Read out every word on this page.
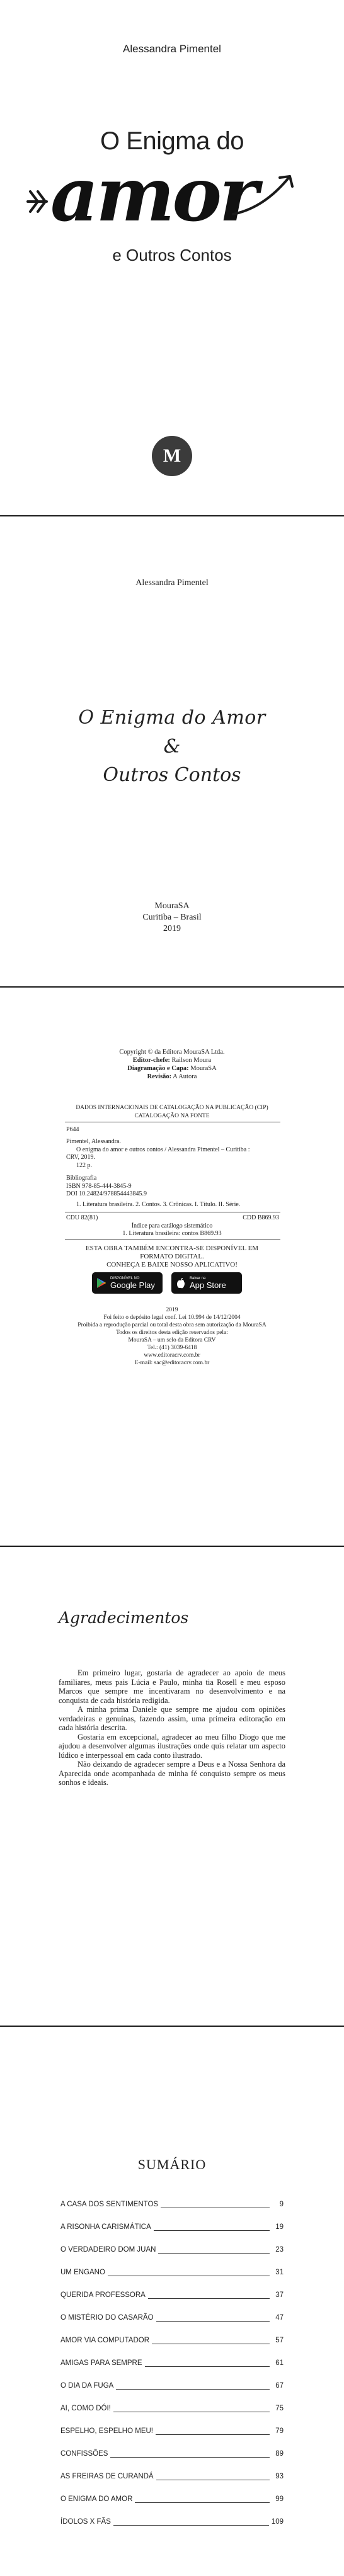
Alessandra Pimentel
O Enigma do
amor
e Outros Contos
M
Alessandra Pimentel
O Enigma do Amor
&
Outros Contos
MouraSA
Curitiba – Brasil
2019
Copyright © da Editora MouraSA Ltda.
Editor-chefe: Railson Moura
Diagramação e Capa: MouraSA
Revisão: A Autora
DADOS INTERNACIONAIS DE CATALOGAÇÃO NA PUBLICAÇÃO (CIP)
CATALOGAÇÃO NA FONTE
P644
Pimentel, Alessandra.
O enigma do amor e outros contos / Alessandra Pimentel – Curitiba :
CRV, 2019.
122 p.
Bibliografia
ISBN 978-85-444-3845-9
DOI 10.24824/978854443845.9
1. Literatura brasileira. 2. Contos. 3. Crônicas. I. Título. II. Série.
CDU 82(81)	CDD B869.93
Índice para catálogo sistemático
1. Literatura brasileira: contos B869.93
ESTA OBRA TAMBÉM ENCONTRA-SE DISPONÍVEL EM
FORMATO DIGITAL.
CONHEÇA E BAIXE NOSSO APLICATIVO!
DISPONÍVEL NO
Google Play
Baixar na
App Store
2019
Foi feito o depósito legal conf. Lei 10.994 de 14/12/2004
Proibida a reprodução parcial ou total desta obra sem autorização da MouraSA
Todos os direitos desta edição reservados pela:
MouraSA – um selo da Editora CRV
Tel.: (41) 3039-6418
www.editoracrv.com.br
E-mail: sac@editoracrv.com.br
Agradecimentos

Em primeiro lugar, gostaria de agradecer ao apoio de meus familiares, meus pais Lúcia e Paulo, minha tia Rosell e meu esposo Marcos que sempre me incentivaram no desenvolvimento e na conquista de cada história redigida.

A minha prima Daniele que sempre me ajudou com opiniões verdadeiras e genuínas, fazendo assim, uma primeira editoração em cada história descrita.

Gostaria em excepcional, agradecer ao meu filho Diogo que me ajudou a desenvolver algumas ilustrações onde quis relatar um aspecto lúdico e interpessoal em cada conto ilustrado.

Não deixando de agradecer sempre a Deus e a Nossa Senhora da Aparecida onde acompanhada de minha fé conquisto sempre os meus sonhos e ideais.

SUMÁRIO
A CASA DOS SENTIMENTOS	9
A RISONHA CARISMÁTICA	19
O VERDADEIRO DOM JUAN	23
UM ENGANO	31
QUERIDA PROFESSORA	37
O MISTÉRIO DO CASARÃO	47
AMOR VIA COMPUTADOR	57
AMIGAS PARA SEMPRE	61
O DIA DA FUGA	67
AI, COMO DÓI!	75
ESPELHO, ESPELHO MEU!	79
CONFISSÕES	89
AS FREIRAS DE CURANDÁ	93
O ENIGMA DO AMOR	99
ÍDOLOS X FÃS	109
